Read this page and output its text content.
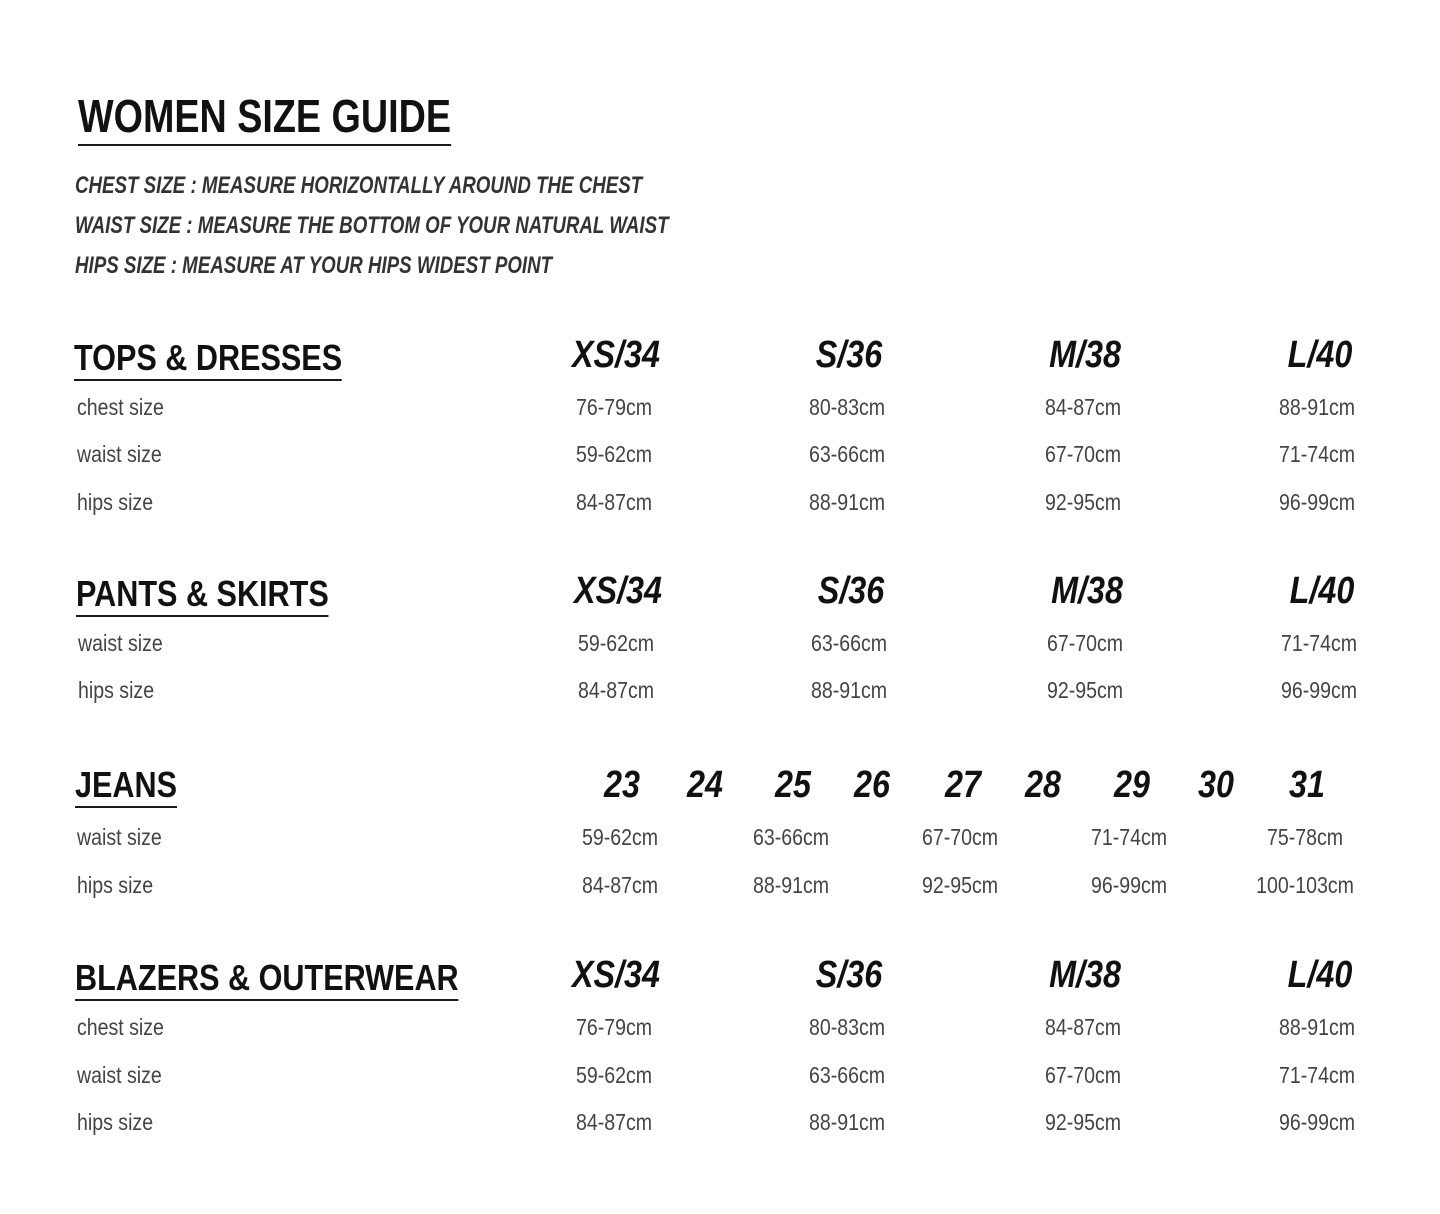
WOMEN SIZE GUIDE
CHEST SIZE : MEASURE HORIZONTALLY AROUND THE CHEST
WAIST SIZE : MEASURE THE BOTTOM OF YOUR NATURAL WAIST
HIPS SIZE : MEASURE AT YOUR HIPS WIDEST POINT
TOPS & DRESSES	XS/34	S/36	M/38	L/40
chest size	76-79cm	80-83cm	84-87cm	88-91cm
waist size	59-62cm	63-66cm	67-70cm	71-74cm
hips size	84-87cm	88-91cm	92-95cm	96-99cm
PANTS & SKIRTS	XS/34	S/36	M/38	L/40
waist size	59-62cm	63-66cm	67-70cm	71-74cm
hips size	84-87cm	88-91cm	92-95cm	96-99cm
JEANS	23 24 25 26 27 28 29 30 31
waist size	59-62cm	63-66cm	67-70cm	71-74cm	75-78cm
hips size	84-87cm	88-91cm	92-95cm	96-99cm	100-103cm
BLAZERS & OUTERWEAR	XS/34	S/36	M/38	L/40
chest size	76-79cm	80-83cm	84-87cm	88-91cm
waist size	59-62cm	63-66cm	67-70cm	71-74cm
hips size	84-87cm	88-91cm	92-95cm	96-99cm
